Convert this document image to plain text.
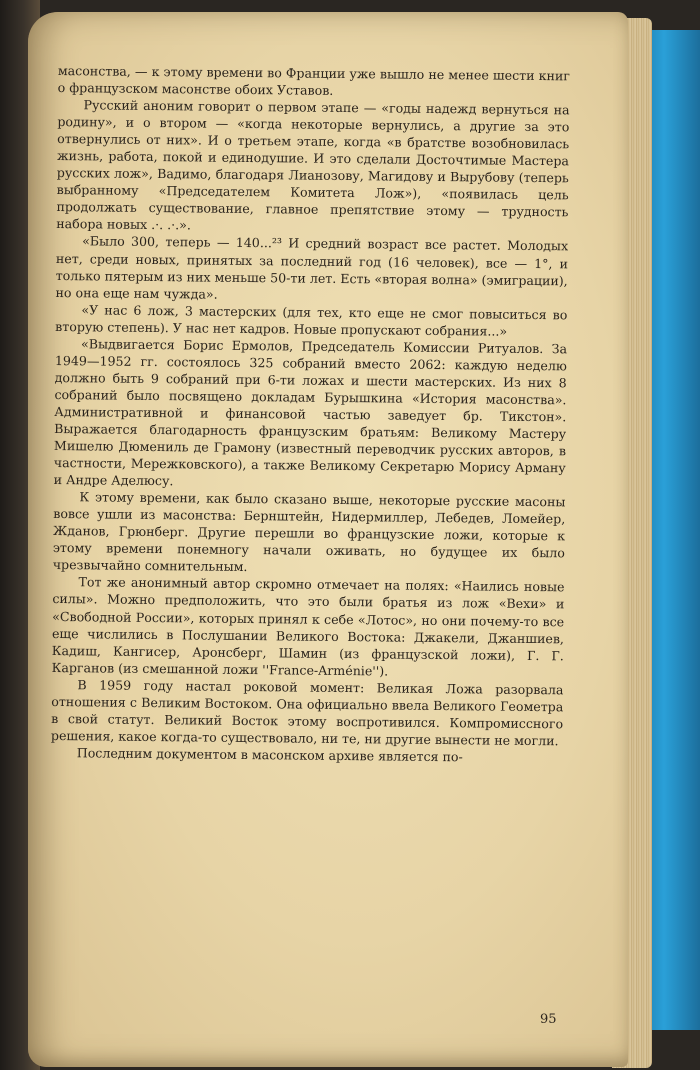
масонства, — к этому времени во Франции уже вышло не менее шести книг о французском масонстве обоих Уставов.

Русский аноним говорит о первом этапе — «годы надежд вернуться на родину», и о втором — «когда некоторые вернулись, а другие за это отвернулись от них». И о третьем этапе, когда «в братстве возобновилась жизнь, работа, покой и единодушие. И это сделали Досточтимые Мастера русских лож», Вадимо, благодаря Лианозову, Магидову и Вырубову (теперь выбранному «Председателем Комитета Лож»), «появилась цель продолжать существование, главное препятствие этому — трудность набора новых .·. .·.».

«Было 300, теперь — 140...²³ И средний возраст все растет. Молодых нет, среди новых, принятых за последний год (16 человек), все — 1°, и только пятерым из них меньше 50-ти лет. Есть «вторая волна» (эмиграции), но она еще нам чужда».

«У нас 6 лож, 3 мастерских (для тех, кто еще не смог повыситься во вторую степень). У нас нет кадров. Новые пропускают собрания...»

«Выдвигается Борис Ермолов, Председатель Комиссии Ритуалов. За 1949—1952 гг. состоялось 325 собраний вместо 2062: каждую неделю должно быть 9 собраний при 6-ти ложах и шести мастерских. Из них 8 собраний было посвящено докладам Бурышкина «История масонства». Административной и финансовой частью заведует бр. Тикстон». Выражается благодарность французским братьям: Великому Мастеру Мишелю Дюмениль де Грамону (известный переводчик русских авторов, в частности, Мережковского), а также Великому Секретарю Морису Арману и Андре Аделюсу.

К этому времени, как было сказано выше, некоторые русские масоны вовсе ушли из масонства: Бернштейн, Нидермиллер, Лебедев, Ломейер, Жданов, Грюнберг. Другие перешли во французские ложи, которые к этому времени понемногу начали оживать, но будущее их было чрезвычайно сомнительным.

Тот же анонимный автор скромно отмечает на полях: «Наились новые силы». Можно предположить, что это были братья из лож «Вехи» и «Свободной России», которых принял к себе «Лотос», но они почему-то все еще числились в Послушании Великого Востока: Джакели, Джаншиев, Кадиш, Кангисер, Аронсберг, Шамин (из французской ложи), Г. Г. Карганов (из смешанной ложи ''France-Arménie'').

В 1959 году настал роковой момент: Великая Ложа разорвала отношения с Великим Востоком. Она официально ввела Великого Геометра в свой статут. Великий Восток этому воспротивился. Компромиссного решения, какое когда-то существовало, ни те, ни другие вынести не могли.

Последним документом в масонском архиве является по-

95
